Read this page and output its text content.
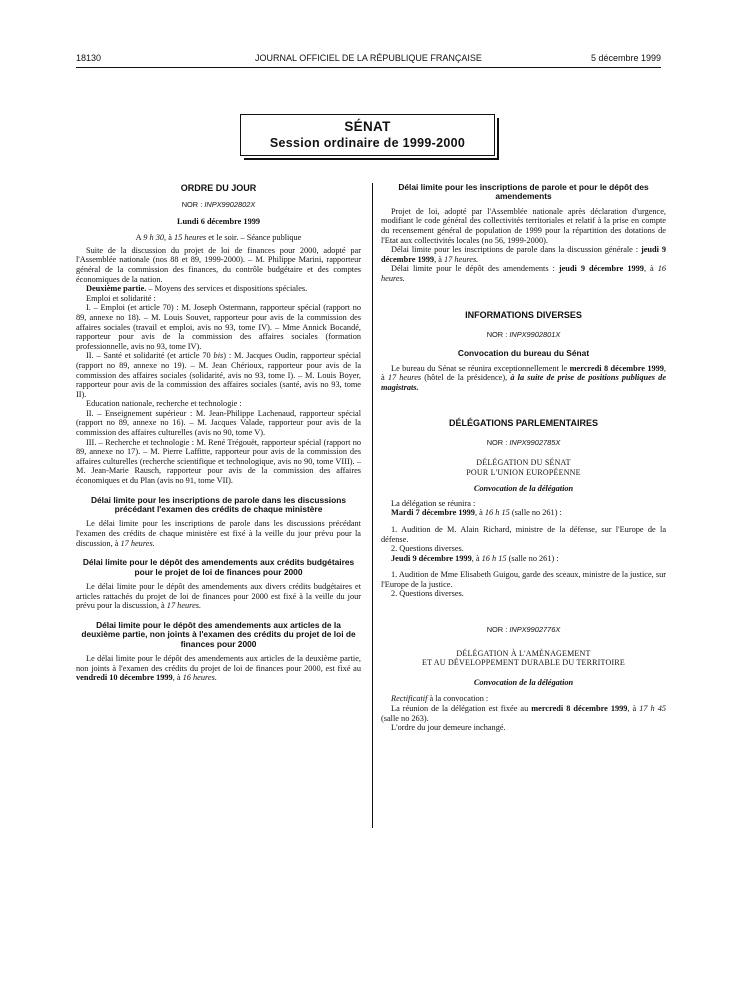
18130	JOURNAL OFFICIEL DE LA RÉPUBLIQUE FRANÇAISE	5 décembre 1999
SÉNAT
Session ordinaire de 1999-2000
ORDRE DU JOUR
NOR : INPX9902802X
Lundi 6 décembre 1999
A 9 h 30, à 15 heures et le soir. – Séance publique

Suite de la discussion du projet de loi de finances pour 2000, adopté par l'Assemblée nationale (nos 88 et 89, 1999-2000). – M. Philippe Marini, rapporteur général de la commission des finances, du contrôle budgétaire et des comptes économiques de la nation.

Deuxième partie. – Moyens des services et dispositions spéciales.

Emploi et solidarité :

I. – Emploi (et article 70) : M. Joseph Ostermann, rapporteur spécial (rapport no 89, annexe no 18). – M. Louis Souvet, rapporteur pour avis de la commission des affaires sociales (travail et emploi, avis no 93, tome IV). – Mme Annick Bocandé, rapporteur pour avis de la commission des affaires sociales (formation professionnelle, avis no 93, tome IV).

II. – Santé et solidarité (et article 70 bis) : M. Jacques Oudin, rapporteur spécial (rapport no 89, annexe no 19). – M. Jean Chérioux, rapporteur pour avis de la commission des affaires sociales (solidarité, avis no 93, tome I). – M. Louis Boyer, rapporteur pour avis de la commission des affaires sociales (santé, avis no 93, tome II).

Education nationale, recherche et technologie :

II. – Enseignement supérieur : M. Jean-Philippe Lachenaud, rapporteur spécial (rapport no 89, annexe no 16). – M. Jacques Valade, rapporteur pour avis de la commission des affaires culturelles (avis no 90, tome V).

III. – Recherche et technologie : M. René Trégouët, rapporteur spécial (rapport no 89, annexe no 17). – M. Pierre Laffitte, rapporteur pour avis de la commission des affaires culturelles (recherche scientifique et technologique, avis no 90, tome VIII). – M. Jean-Marie Rausch, rapporteur pour avis de la commission des affaires économiques et du Plan (avis no 91, tome VII).

Délai limite pour les inscriptions de parole dans les discussions précédant l'examen des crédits de chaque ministère

Le délai limite pour les inscriptions de parole dans les discussions précédant l'examen des crédits de chaque ministère est fixé à la veille du jour prévu pour la discussion, à 17 heures.

Délai limite pour le dépôt des amendements aux crédits budgétaires pour le projet de loi de finances pour 2000

Le délai limite pour le dépôt des amendements aux divers crédits budgétaires et articles rattachés du projet de loi de finances pour 2000 est fixé à la veille du jour prévu pour la discussion, à 17 heures.

Délai limite pour le dépôt des amendements aux articles de la deuxième partie, non joints à l'examen des crédits du projet de loi de finances pour 2000

Le délai limite pour le dépôt des amendements aux articles de la deuxième partie, non joints à l'examen des crédits du projet de loi de finances pour 2000, est fixé au vendredi 10 décembre 1999, à 16 heures.

Délai limite pour les inscriptions de parole et pour le dépôt des amendements

Projet de loi, adopté par l'Assemblée nationale après déclaration d'urgence, modifiant le code général des collectivités territoriales et relatif à la prise en compte du recensement général de population de 1999 pour la répartition des dotations de l'Etat aux collectivités locales (no 56, 1999-2000).

Délai limite pour les inscriptions de parole dans la discussion générale : jeudi 9 décembre 1999, à 17 heures.

Délai limite pour le dépôt des amendements : jeudi 9 décembre 1999, à 16 heures.

INFORMATIONS DIVERSES
NOR : INPX9902801X
Convocation du bureau du Sénat

Le bureau du Sénat se réunira exceptionnellement le mercredi 8 décembre 1999, à 17 heures (hôtel de la présidence), à la suite de prise de positions publiques de magistrats.

DÉLÉGATIONS PARLEMENTAIRES
NOR : INPX9902785X
DÉLÉGATION DU SÉNAT
POUR L'UNION EUROPÉENNE
Convocation de la délégation

La délégation se réunira :

Mardi 7 décembre 1999, à 16 h 15 (salle no 261) :

1. Audition de M. Alain Richard, ministre de la défense, sur l'Europe de la défense.

2. Questions diverses.

Jeudi 9 décembre 1999, à 16 h 15 (salle no 261) :

1. Audition de Mme Elisabeth Guigou, garde des sceaux, ministre de la justice, sur l'Europe de la justice.

2. Questions diverses.

NOR : INPX9902776X
DÉLÉGATION À L'AMÉNAGEMENT
ET AU DÉVELOPPEMENT DURABLE DU TERRITOIRE
Convocation de la délégation

Rectificatif à la convocation :

La réunion de la délégation est fixée au mercredi 8 décembre 1999, à 17 h 45 (salle no 263).

L'ordre du jour demeure inchangé.
